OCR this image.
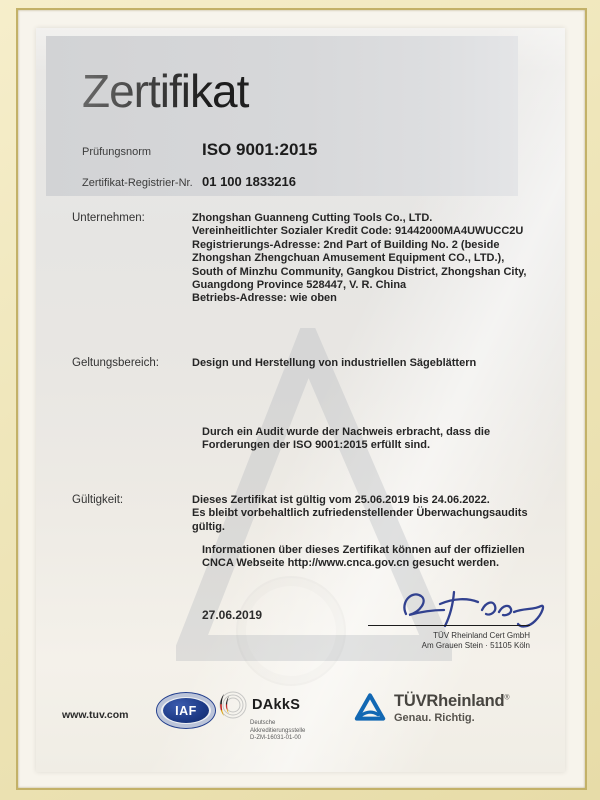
Zertifikat
Prüfungsnorm	ISO 9001:2015
Zertifikat-Registrier-Nr. 01 100 1833216
Unternehmen:	Zhongshan Guanneng Cutting Tools Co., LTD.
Vereinheitlichter Sozialer Kredit Code: 91442000MA4UWUCC2U
Registrierungs-Adresse: 2nd Part of Building No. 2 (beside
Zhongshan Zhengchuan Amusement Equipment CO., LTD.),
South of Minzhu Community, Gangkou District, Zhongshan City,
Guangdong Province 528447, V. R. China
Betriebs-Adresse: wie oben
Geltungsbereich:	Design und Herstellung von industriellen Sägeblättern
Durch ein Audit wurde der Nachweis erbracht, dass die
Forderungen der ISO 9001:2015 erfüllt sind.
Gültigkeit:	Dieses Zertifikat ist gültig vom 25.06.2019 bis 24.06.2022.
Es bleibt vorbehaltlich zufriedenstellender Überwachungsaudits
gültig.
Informationen über dieses Zertifikat können auf der offiziellen
CNCA Webseite http://www.cnca.gov.cn gesucht werden.
27.06.2019
TÜV Rheinland Cert GmbH
Am Grauen Stein · 51105 Köln
www.tuv.com	IAF	DAkkS
Deutsche
Akkreditierungsstelle
D-ZM-16031-01-00
TÜVRheinland®
Genau. Richtig.
